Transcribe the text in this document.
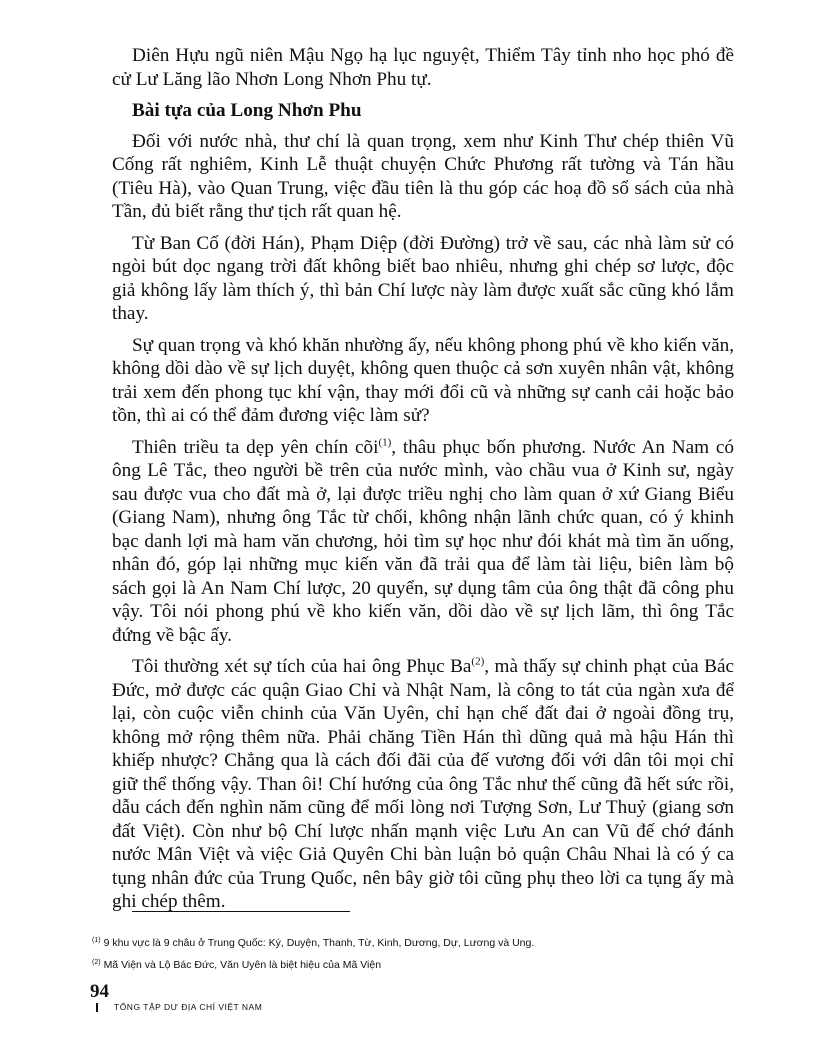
Diên Hựu ngũ niên Mậu Ngọ hạ lục nguyệt, Thiểm Tây tỉnh nho học phó đề cử Lư Lăng lão Nhơn Long Nhơn Phu tự.

Bài tựa của Long Nhơn Phu

Đối với nước nhà, thư chí là quan trọng, xem như Kinh Thư chép thiên Vũ Cống rất nghiêm, Kinh Lễ thuật chuyện Chức Phương rất tường và Tán hầu (Tiêu Hà), vào Quan Trung, việc đầu tiên là thu góp các hoạ đồ sổ sách của nhà Tần, đủ biết rằng thư tịch rất quan hệ.

Từ Ban Cố (đời Hán), Phạm Diệp (đời Đường) trở về sau, các nhà làm sử có ngòi bút dọc ngang trời đất không biết bao nhiêu, nhưng ghi chép sơ lược, độc giả không lấy làm thích ý, thì bản Chí lược này làm được xuất sắc cũng khó lắm thay.

Sự quan trọng và khó khăn nhường ấy, nếu không phong phú về kho kiến văn, không dồi dào về sự lịch duyệt, không quen thuộc cả sơn xuyên nhân vật, không trải xem đến phong tục khí vận, thay mới đổi cũ và những sự canh cải hoặc bảo tồn, thì ai có thể đảm đương việc làm sử?

Thiên triều ta dẹp yên chín cõi$^{(1)}$, thâu phục bốn phương. Nước An Nam có ông Lê Tắc, theo người bề trên của nước mình, vào chầu vua ở Kinh sư, ngày sau được vua cho đất mà ở, lại được triều nghị cho làm quan ở xứ Giang Biểu (Giang Nam), nhưng ông Tắc từ chối, không nhận lãnh chức quan, có ý khinh bạc danh lợi mà ham văn chương, hỏi tìm sự học như đói khát mà tìm ăn uống, nhân đó, góp lại những mục kiến văn đã trải qua để làm tài liệu, biên làm bộ sách gọi là An Nam Chí lược, 20 quyển, sự dụng tâm của ông thật đã công phu vậy. Tôi nói phong phú về kho kiến văn, dồi dào về sự lịch lãm, thì ông Tắc đứng về bậc ấy.

Tôi thường xét sự tích của hai ông Phục Ba$^{(2)}$, mà thấy sự chinh phạt của Bác Đức, mở được các quận Giao Chỉ và Nhật Nam, là công to tát của ngàn xưa để lại, còn cuộc viễn chinh của Văn Uyên, chỉ hạn chế đất đai ở ngoài đồng trụ, không mở rộng thêm nữa. Phải chăng Tiền Hán thì dũng quả mà hậu Hán thì khiếp nhược? Chẳng qua là cách đối đãi của đế vương đối với dân tôi mọi chỉ giữ thể thống vậy. Than ôi! Chí hướng của ông Tắc như thế cũng đã hết sức rồi, dẫu cách đến nghìn năm cũng để mối lòng nơi Tượng Sơn, Lư Thuỷ (giang sơn đất Việt). Còn như bộ Chí lược nhấn mạnh việc Lưu An can Vũ đế chớ đánh nước Mân Việt và việc Giả Quyên Chi bàn luận bỏ quận Châu Nhai là có ý ca tụng nhân đức của Trung Quốc, nên bây giờ tôi cũng phụ theo lời ca tụng ấy mà ghi chép thêm.

$^{(1)}$ 9 khu vực là 9 châu ở Trung Quốc: Ký, Duyện, Thanh, Từ, Kinh, Dương, Dự, Lương và Ung.
$^{(2)}$ Mã Viện và Lộ Bác Đức, Văn Uyên là biệt hiệu của Mã Viện
94
TỔNG TẬP DƯ ĐỊA CHÍ VIỆT NAM
